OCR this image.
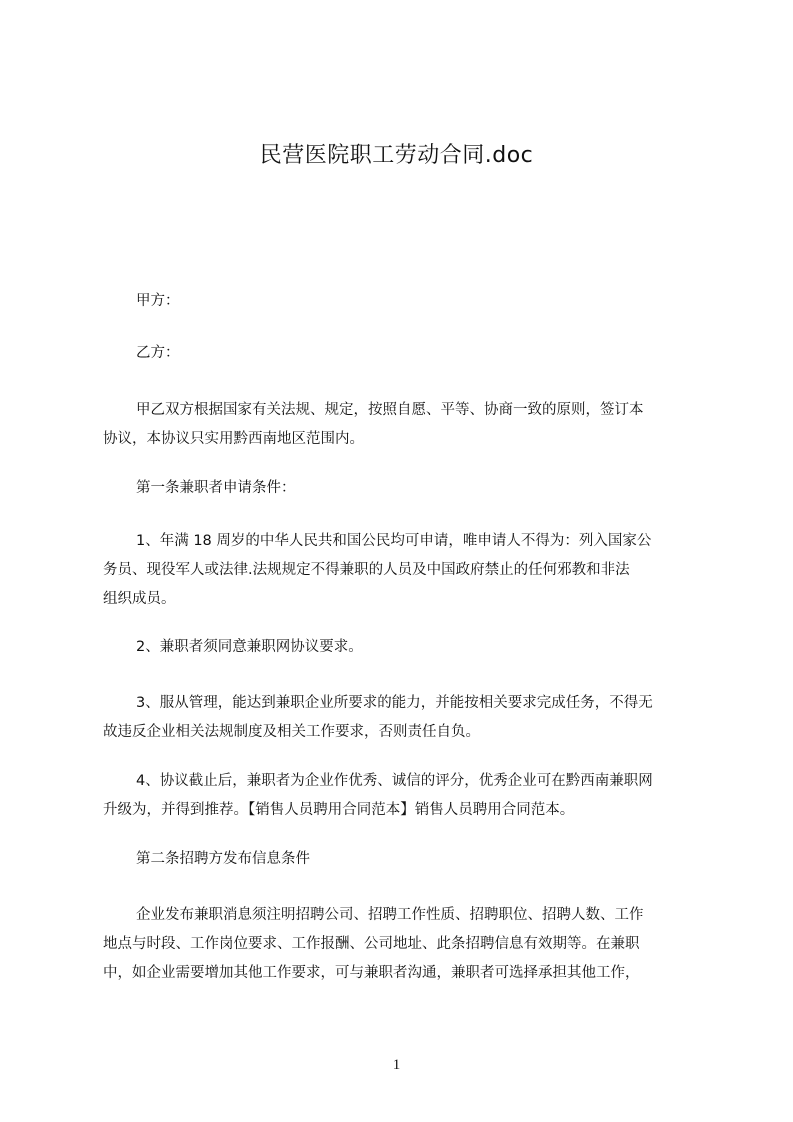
民营医院职工劳动合同.doc

甲方：

乙方：

甲乙双方根据国家有关法规、规定，按照自愿、平等、协商一致的原则，签订本
协议，本协议只实用黔西南地区范围内。

第一条兼职者申请条件：

1、年满 18 周岁的中华人民共和国公民均可申请，唯申请人不得为：列入国家公
务员、现役军人或法律.法规规定不得兼职的人员及中国政府禁止的任何邪教和非法
组织成员。

2、兼职者须同意兼职网协议要求。

3、服从管理，能达到兼职企业所要求的能力，并能按相关要求完成任务，不得无
故违反企业相关法规制度及相关工作要求，否则责任自负。

4、协议截止后，兼职者为企业作优秀、诚信的评分，优秀企业可在黔西南兼职网
升级为，并得到推荐。【销售人员聘用合同范本】销售人员聘用合同范本。

第二条招聘方发布信息条件

企业发布兼职消息须注明招聘公司、招聘工作性质、招聘职位、招聘人数、工作
地点与时段、工作岗位要求、工作报酬、公司地址、此条招聘信息有效期等。在兼职
中，如企业需要增加其他工作要求，可与兼职者沟通，兼职者可选择承担其他工作，

1
